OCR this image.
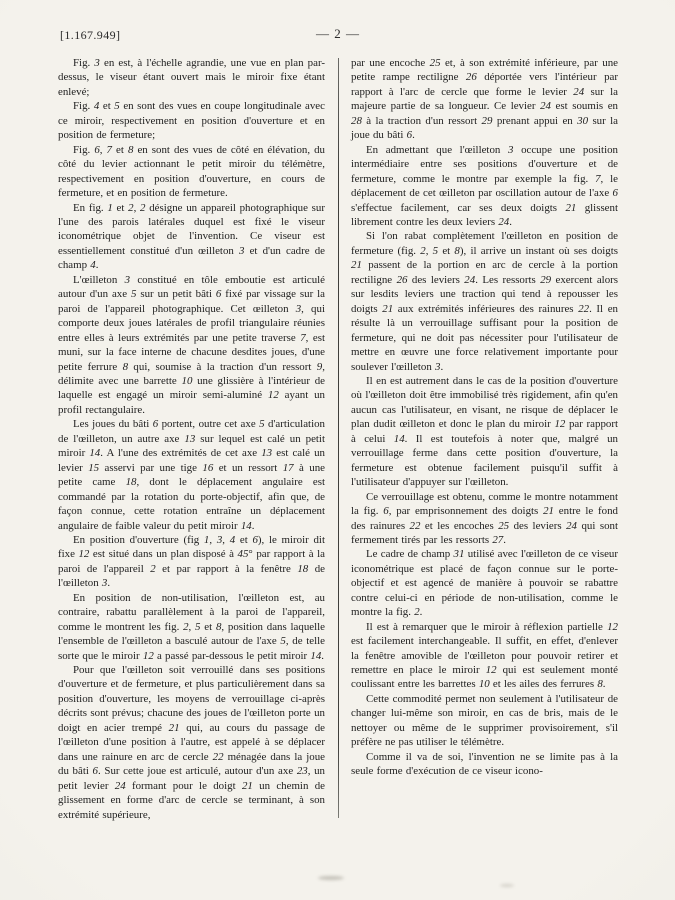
[1.167.949]	— 2 —

Fig. 3 en est, à l'échelle agrandie, une vue en plan par-dessus, le viseur étant ouvert mais le miroir fixe étant enlevé;

Fig. 4 et 5 en sont des vues en coupe longitudinale avec ce miroir, respectivement en position d'ouverture et en position de fermeture;

Fig. 6, 7 et 8 en sont des vues de côté en élévation, du côté du levier actionnant le petit miroir du télémètre, respectivement en position d'ouverture, en cours de fermeture, et en position de fermeture.

En fig. 1 et 2, 2 désigne un appareil photographique sur l'une des parois latérales duquel est fixé le viseur iconométrique objet de l'invention. Ce viseur est essentiellement constitué d'un œilleton 3 et d'un cadre de champ 4.

L'œilleton 3 constitué en tôle emboutie est articulé autour d'un axe 5 sur un petit bâti 6 fixé par vissage sur la paroi de l'appareil photographique. Cet œilleton 3, qui comporte deux joues latérales de profil triangulaire réunies entre elles à leurs extrémités par une petite traverse 7, est muni, sur la face interne de chacune desdites joues, d'une petite ferrure 8 qui, soumise à la traction d'un ressort 9, délimite avec une barrette 10 une glissière à l'intérieur de laquelle est engagé un miroir semi-aluminé 12 ayant un profil rectangulaire.

Les joues du bâti 6 portent, outre cet axe 5 d'articulation de l'œilleton, un autre axe 13 sur lequel est calé un petit miroir 14. A l'une des extrémités de cet axe 13 est calé un levier 15 asservi par une tige 16 et un ressort 17 à une petite came 18, dont le déplacement angulaire est commandé par la rotation du porte-objectif, afin que, de façon connue, cette rotation entraîne un déplacement angulaire de faible valeur du petit miroir 14.

En position d'ouverture (fig 1, 3, 4 et 6), le miroir dit fixe 12 est situé dans un plan disposé à 45° par rapport à la paroi de l'appareil 2 et par rapport à la fenêtre 18 de l'œilleton 3.

En position de non-utilisation, l'œilleton est, au contraire, rabattu parallèlement à la paroi de l'appareil, comme le montrent les fig. 2, 5 et 8, position dans laquelle l'ensemble de l'œilleton a basculé autour de l'axe 5, de telle sorte que le miroir 12 a passé par-dessous le petit miroir 14.

Pour que l'œilleton soit verrouillé dans ses positions d'ouverture et de fermeture, et plus particulièrement dans sa position d'ouverture, les moyens de verrouillage ci-après décrits sont prévus; chacune des joues de l'œilleton porte un doigt en acier trempé 21 qui, au cours du passage de l'œilleton d'une position à l'autre, est appelé à se déplacer dans une rainure en arc de cercle 22 ménagée dans la joue du bâti 6. Sur cette joue est articulé, autour d'un axe 23, un petit levier 24 formant pour le doigt 21 un chemin de glissement en forme d'arc de cercle se terminant, à son extrémité supérieure,

par une encoche 25 et, à son extrémité inférieure, par une petite rampe rectiligne 26 déportée vers l'intérieur par rapport à l'arc de cercle que forme le levier 24 sur la majeure partie de sa longueur. Ce levier 24 est soumis en 28 à la traction d'un ressort 29 prenant appui en 30 sur la joue du bâti 6.

En admettant que l'œilleton 3 occupe une position intermédiaire entre ses positions d'ouverture et de fermeture, comme le montre par exemple la fig. 7, le déplacement de cet œilleton par oscillation autour de l'axe 6 s'effectue facilement, car ses deux doigts 21 glissent librement contre les deux leviers 24.

Si l'on rabat complètement l'œilleton en position de fermeture (fig. 2, 5 et 8), il arrive un instant où ses doigts 21 passent de la portion en arc de cercle à la portion rectiligne 26 des leviers 24. Les ressorts 29 exercent alors sur lesdits leviers une traction qui tend à repousser les doigts 21 aux extrémités inférieures des rainures 22. Il en résulte là un verrouillage suffisant pour la position de fermeture, qui ne doit pas nécessiter pour l'utilisateur de mettre en œuvre une force relativement importante pour soulever l'œilleton 3.

Il en est autrement dans le cas de la position d'ouverture où l'œilleton doit être immobilisé très rigidement, afin qu'en aucun cas l'utilisateur, en visant, ne risque de déplacer le plan dudit œilleton et donc le plan du miroir 12 par rapport à celui 14. Il est toutefois à noter que, malgré un verrouillage ferme dans cette position d'ouverture, la fermeture est obtenue facilement puisqu'il suffit à l'utilisateur d'appuyer sur l'œilleton.

Ce verrouillage est obtenu, comme le montre notamment la fig. 6, par emprisonnement des doigts 21 entre le fond des rainures 22 et les encoches 25 des leviers 24 qui sont fermement tirés par les ressorts 27.

Le cadre de champ 31 utilisé avec l'œilleton de ce viseur iconométrique est placé de façon connue sur le porte-objectif et est agencé de manière à pouvoir se rabattre contre celui-ci en période de non-utilisation, comme le montre la fig. 2.

Il est à remarquer que le miroir à réflexion partielle 12 est facilement interchangeable. Il suffit, en effet, d'enlever la fenêtre amovible de l'œilleton pour pouvoir retirer et remettre en place le miroir 12 qui est seulement monté coulissant entre les barrettes 10 et les ailes des ferrures 8.

Cette commodité permet non seulement à l'utilisateur de changer lui-même son miroir, en cas de bris, mais de le nettoyer ou même de le supprimer provisoirement, s'il préfère ne pas utiliser le télémètre.

Comme il va de soi, l'invention ne se limite pas à la seule forme d'exécution de ce viseur icono-
